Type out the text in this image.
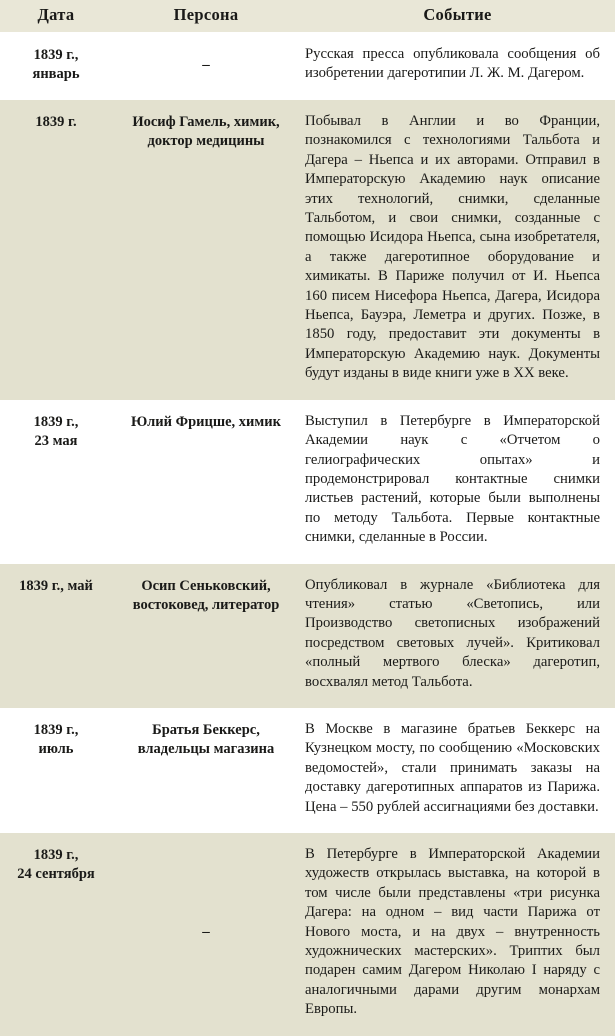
Дата	Персона	Событие
1839 г.,
январь	–	Русская пресса опубликовала сообщения об изобретении дагеротипии Л. Ж. М. Дагером.
1839 г.	Иосиф Гамель, химик, доктор медицины	Побывал в Англии и во Франции, познакомился с технологиями Тальбота и Дагера – Ньепса и их авторами. Отправил в Императорскую Академию наук описание этих технологий, снимки, сделанные Тальботом, и свои снимки, созданные с помощью Исидора Ньепса, сына изобретателя, а также дагеротипное оборудование и химикаты. В Париже получил от И. Ньепса 160 писем Нисефора Ньепса, Дагера, Исидора Ньепса, Бауэра, Леметра и других. Позже, в 1850 году, предоставит эти документы в Императорскую Академию наук. Документы будут изданы в виде книги уже в XX веке.
1839 г.,
23 мая	Юлий Фрицше, химик	Выступил в Петербурге в Императорской Академии наук с «Отчетом о гелиографических опытах» и продемонстрировал контактные снимки листьев растений, которые были выполнены по методу Тальбота. Первые контактные снимки, сделанные в России.
1839 г., май	Осип Сеньковский, востоковед, литератор	Опубликовал в журнале «Библиотека для чтения» статью «Светопись, или Производство светописных изображений посредством световых лучей». Критиковал «полный мертвого блеска» дагеротип, восхвалял метод Тальбота.
1839 г.,
июль	Братья Беккерс, владельцы магазина	В Москве в магазине братьев Беккерс на Кузнецком мосту, по сообщению «Московских ведомостей», стали принимать заказы на доставку дагеротипных аппаратов из Парижа. Цена – 550 рублей ассигнациями без доставки.
1839 г.,
24 сентября	–	В Петербурге в Императорской Академии художеств открылась выставка, на которой в том числе были представлены «три рисунка Дагера: на одном – вид части Парижа от Нового моста, и на двух – внутренность художнических мастерских». Триптих был подарен самим Дагером Николаю I наряду с аналогичными дарами другим монархам Европы.
